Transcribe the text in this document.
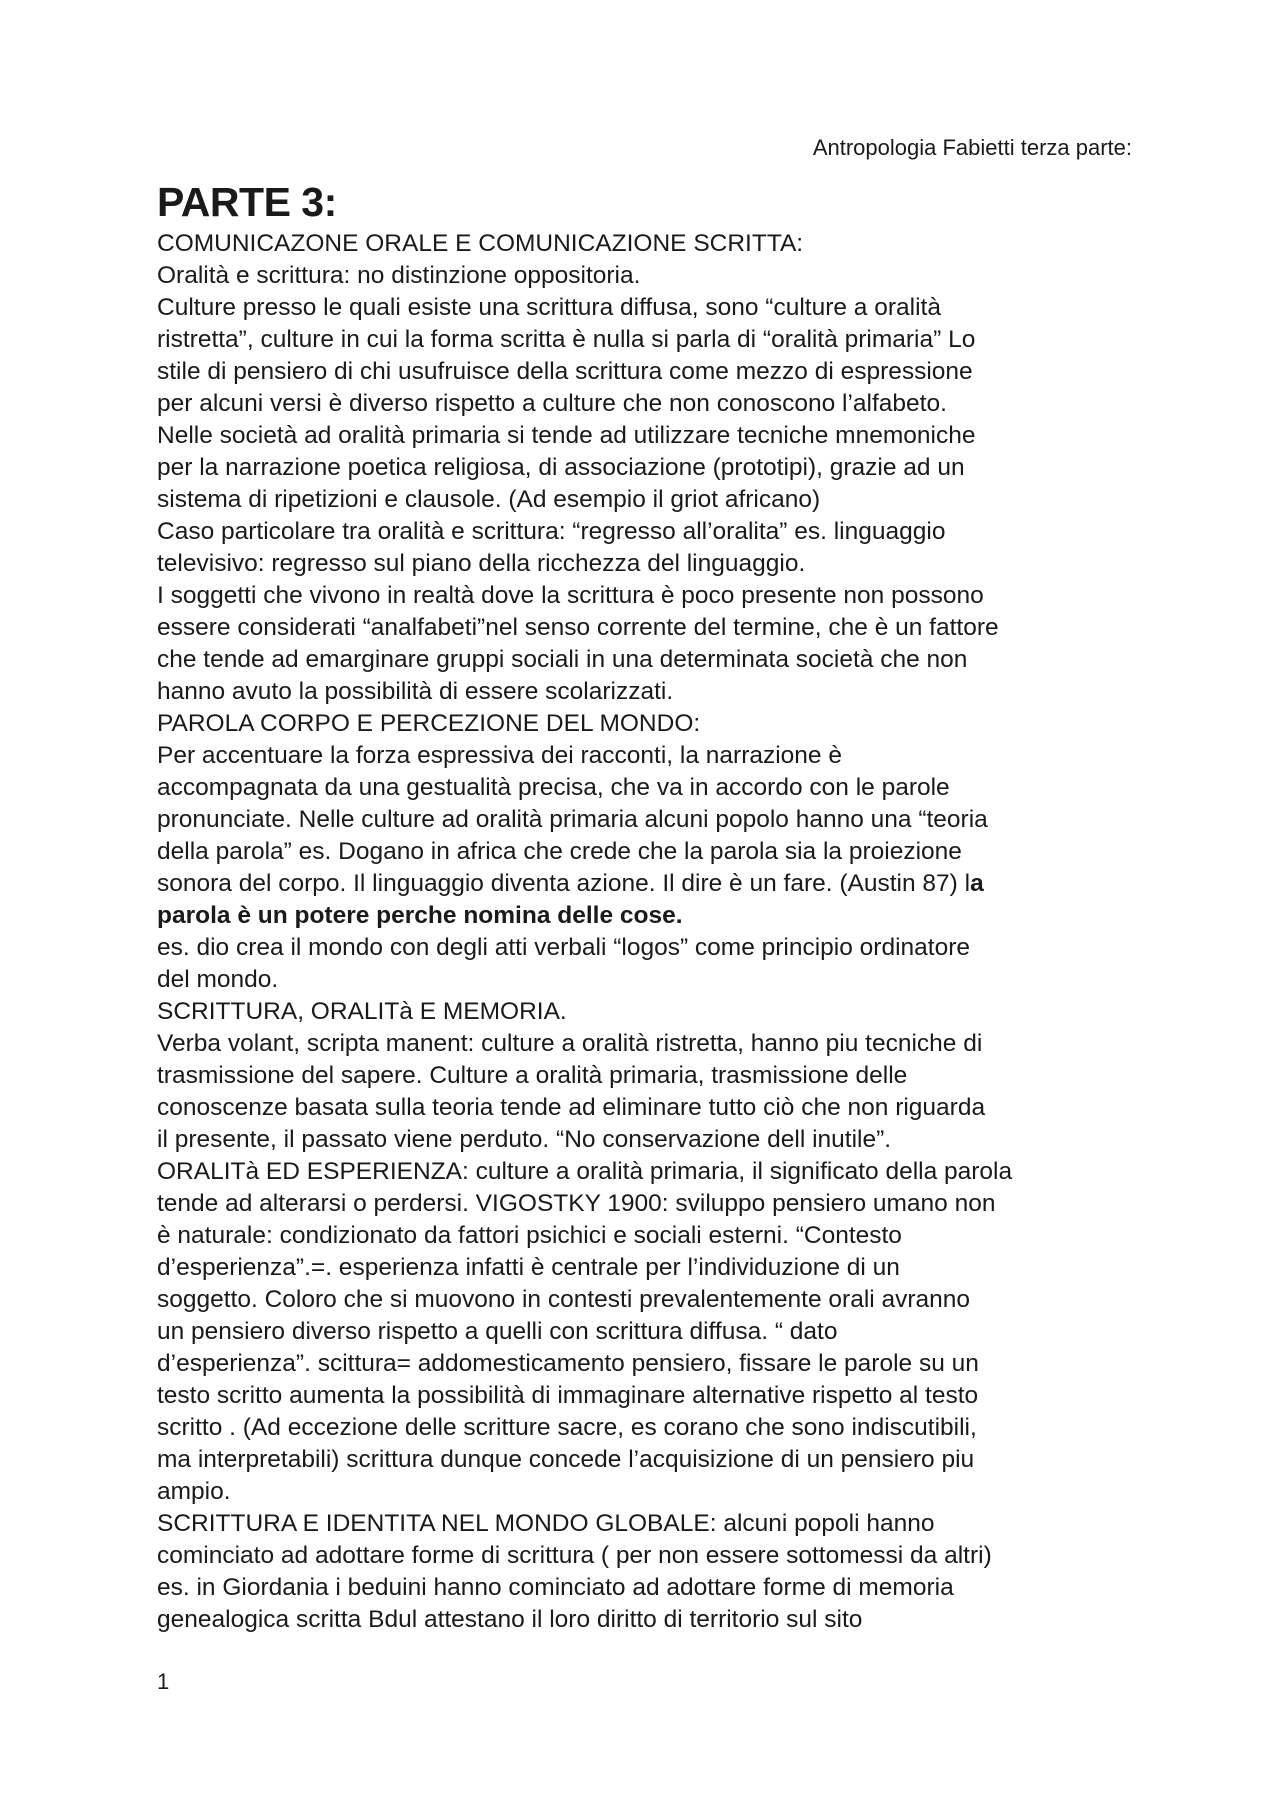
Antropologia Fabietti terza parte:

PARTE 3:
COMUNICAZONE ORALE E COMUNICAZIONE SCRITTA:
Oralità e scrittura: no distinzione oppositoria.
Culture presso le quali esiste una scrittura diffusa, sono “culture a oralità
ristretta”, culture in cui la forma scritta è nulla si parla di “oralità primaria” Lo
stile di pensiero di chi usufruisce della scrittura come mezzo di espressione
per alcuni versi è diverso rispetto a culture che non conoscono l’alfabeto.
Nelle società ad oralità primaria si tende ad utilizzare tecniche mnemoniche
per la narrazione poetica religiosa, di associazione (prototipi), grazie ad un
sistema di ripetizioni e clausole. (Ad esempio il griot africano)
Caso particolare tra oralità e scrittura: “regresso all’oralita” es. linguaggio
televisivo: regresso sul piano della ricchezza del linguaggio.
I soggetti che vivono in realtà dove la scrittura è poco presente non possono
essere considerati “analfabeti”nel senso corrente del termine, che è un fattore
che tende ad emarginare gruppi sociali in una determinata società che non
hanno avuto la possibilità di essere scolarizzati.
PAROLA CORPO E PERCEZIONE DEL MONDO:
Per accentuare la forza espressiva dei racconti, la narrazione è
accompagnata da una gestualità precisa, che va in accordo con le parole
pronunciate. Nelle culture ad oralità primaria alcuni popolo hanno una “teoria
della parola” es. Dogano in africa che crede che la parola sia la proiezione
sonora del corpo. Il linguaggio diventa azione. Il dire è un fare. (Austin 87) la
parola è un potere perche nomina delle cose.
es. dio crea il mondo con degli atti verbali “logos” come principio ordinatore
del mondo.
SCRITTURA, ORALITà E MEMORIA.
Verba volant, scripta manent: culture a oralità ristretta, hanno piu tecniche di
trasmissione del sapere. Culture a oralità primaria, trasmissione delle
conoscenze basata sulla teoria tende ad eliminare tutto ciò che non riguarda
il presente, il passato viene perduto. “No conservazione dell inutile”.
ORALITà ED ESPERIENZA: culture a oralità primaria, il significato della parola
tende ad alterarsi o perdersi. VIGOSTKY 1900: sviluppo pensiero umano non
è naturale: condizionato da fattori psichici e sociali esterni. “Contesto
d’esperienza”.=. esperienza infatti è centrale per l’individuzione di un
soggetto. Coloro che si muovono in contesti prevalentemente orali avranno
un pensiero diverso rispetto a quelli con scrittura diffusa. “ dato
d’esperienza”. scittura= addomesticamento pensiero, fissare le parole su un
testo scritto aumenta la possibilità di immaginare alternative rispetto al testo
scritto . (Ad eccezione delle scritture sacre, es corano che sono indiscutibili,
ma interpretabili) scrittura dunque concede l’acquisizione di un pensiero piu
ampio.
SCRITTURA E IDENTITA NEL MONDO GLOBALE: alcuni popoli hanno
cominciato ad adottare forme di scrittura ( per non essere sottomessi da altri)
es. in Giordania i beduini hanno cominciato ad adottare forme di memoria
genealogica scritta Bdul attestano il loro diritto di territorio sul sito

1
